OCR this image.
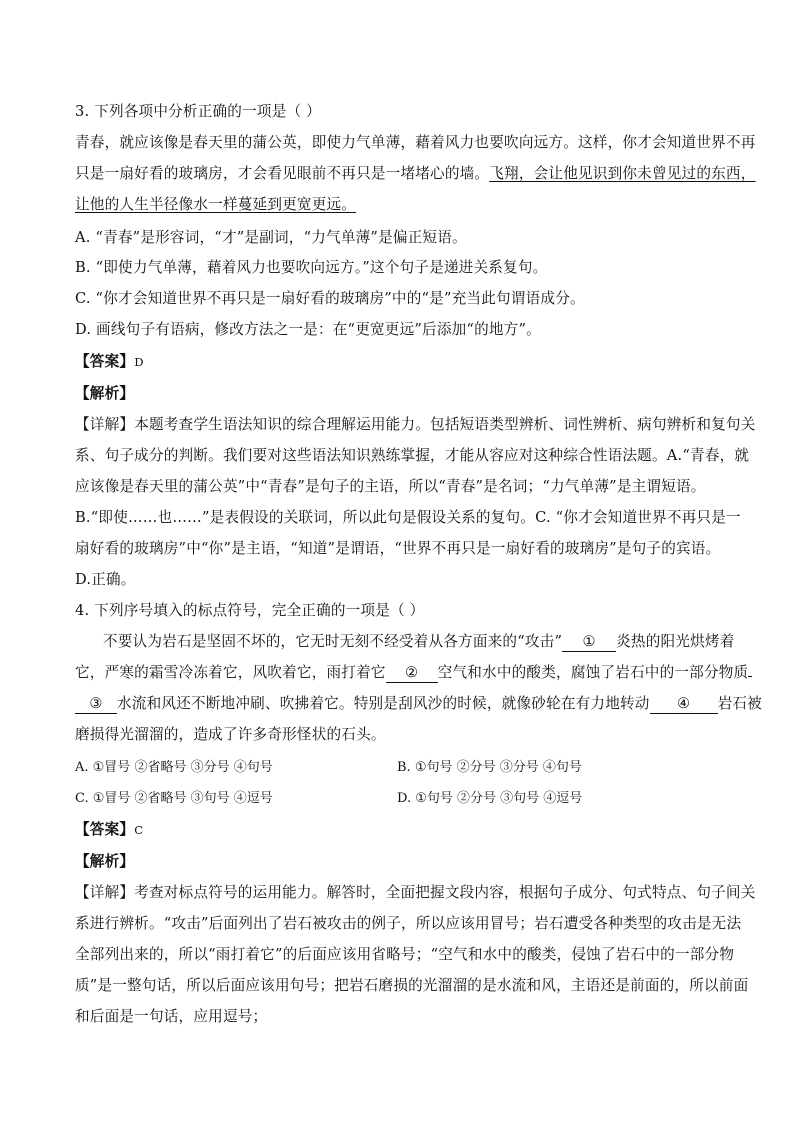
3. 下列各项中分析正确的一项是（ ）
青春，就应该像是春天里的蒲公英，即使力气单薄，藉着风力也要吹向远方。这样，你才会知道世界不再
只是一扇好看的玻璃房，才会看见眼前不再只是一堵堵心的墙。飞翔，会让他见识到你未曾见过的东西，
让他的人生半径像水一样蔓延到更宽更远。
A. “青春”是形容词，“才”是副词，“力气单薄”是偏正短语。
B. “即使力气单薄，藉着风力也要吹向远方。”这个句子是递进关系复句。
C. “你才会知道世界不再只是一扇好看的玻璃房”中的“是”充当此句谓语成分。
D. 画线句子有语病，修改方法之一是：在“更宽更远”后添加“的地方”。
【答案】D
【解析】
【详解】本题考查学生语法知识的综合理解运用能力。包括短语类型辨析、词性辨析、病句辨析和复句关
系、句子成分的判断。我们要对这些语法知识熟练掌握，才能从容应对这种综合性语法题。A.“青春，就
应该像是春天里的蒲公英”中“青春”是句子的主语，所以“青春”是名词；“力气单薄”是主谓短语。
B.“即使……也……”是表假设的关联词，所以此句是假设关系的复句。C. “你才会知道世界不再只是一
扇好看的玻璃房”中“你”是主语，“知道”是谓语，“世界不再只是一扇好看的玻璃房”是句子的宾语。
D.正确。
4. 下列序号填入的标点符号，完全正确的一项是（ ）
不要认为岩石是坚固不坏的，它无时无刻不经受着从各方面来的“攻击” ① 炎热的阳光烘烤着
它，严寒的霜雪冷冻着它，风吹着它，雨打着它 ② 空气和水中的酸类，腐蚀了岩石中的一部分物质
③ 水流和风还不断地冲刷、吹拂着它。特别是刮风沙的时候，就像砂轮在有力地转动 ④ 岩石被
磨损得光溜溜的，造成了许多奇形怪状的石头。
A. ①冒号 ②省略号 ③分号 ④句号	B. ①句号 ②分号 ③分号 ④句号
C. ①冒号 ②省略号 ③句号 ④逗号	D. ①句号 ②分号 ③句号 ④逗号
【答案】C
【解析】
【详解】考查对标点符号的运用能力。解答时，全面把握文段内容，根据句子成分、句式特点、句子间关
系进行辨析。“攻击”后面列出了岩石被攻击的例子，所以应该用冒号；岩石遭受各种类型的攻击是无法
全部列出来的，所以“雨打着它”的后面应该用省略号；“空气和水中的酸类，侵蚀了岩石中的一部分物
质”是一整句话，所以后面应该用句号；把岩石磨损的光溜溜的是水流和风，主语还是前面的，所以前面
和后面是一句话，应用逗号；
